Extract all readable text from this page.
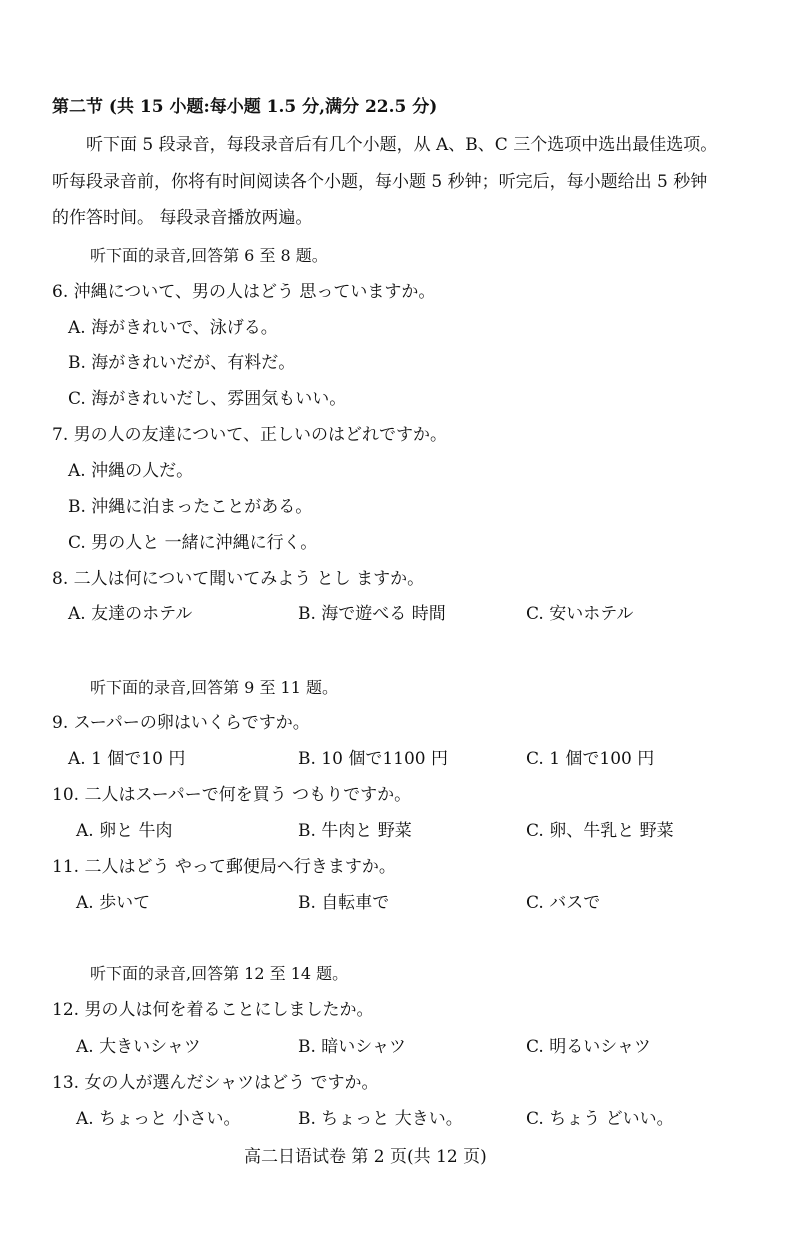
第二节 (共 15 小题:每小题 1.5 分,满分 22.5 分)
听下面 5 段录音，每段录音后有几个小题，从 A、B、C 三个选项中选出最佳选项。
听每段录音前，你将有时间阅读各个小题，每小题 5 秒钟；听完后，每小题给出 5 秒钟
的作答时间。 每段录音播放两遍。
听下面的录音,回答第 6 至 8 题。
6. 沖縄について、男の人はどう 思っていますか。
A. 海がきれいで、泳げる。
B. 海がきれいだが、有料だ。
C. 海がきれいだし、雰囲気もいい。
7. 男の人の友達について、正しいのはどれですか。
A. 沖縄の人だ。
B. 沖縄に泊まったことがある。
C. 男の人と 一緒に沖縄に行く。
8. 二人は何について聞いてみよう とし ますか。
A. 友達のホテル	B. 海で遊べる 時間	C. 安いホテル
听下面的录音,回答第 9 至 11 题。
9. スーパーの卵はいくらですか。
A. 1 個で10 円	B. 10 個で1100 円	C. 1 個で100 円
10. 二人はスーパーで何を買う つもりですか。
A. 卵と 牛肉	B. 牛肉と 野菜	C. 卵、牛乳と 野菜
11. 二人はどう やって郵便局へ行きますか。
A. 歩いて	B. 自転車で	C. バスで
听下面的录音,回答第 12 至 14 题。
12. 男の人は何を着ることにしましたか。
A. 大きいシャツ	B. 暗いシャツ	C. 明るいシャツ
13. 女の人が選んだシャツはどう ですか。
A. ちょっと 小さい。	B. ちょっと 大きい。	C. ちょう どいい。
高二日语试卷 第 2 页(共 12 页)
